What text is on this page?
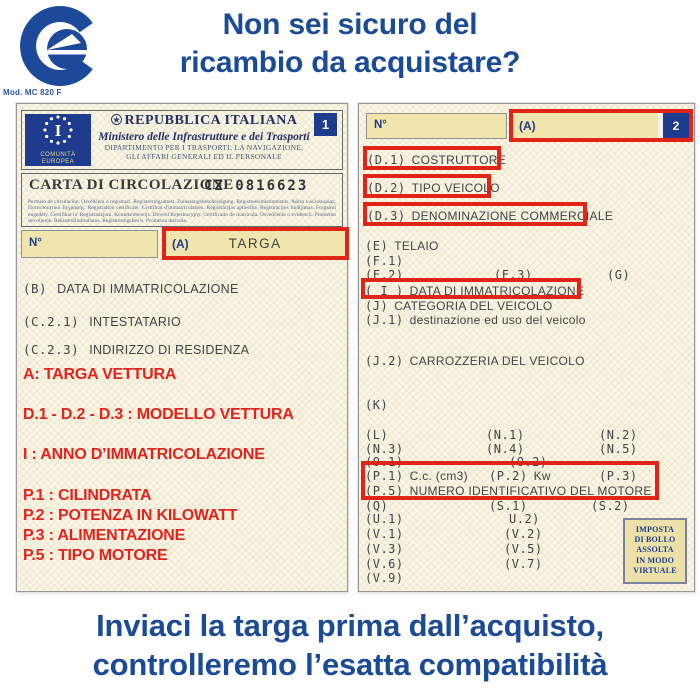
Non sei sicuro del
ricambio da acquistare?
Mod. MC 820 F
I
COMUNITÀ
EUROPEA
REPUBBLICA ITALIANA
Ministero delle Infrastrutture e dei Trasporti
DIPARTIMENTO PER I TRASPORTI, LA NAVIGAZIONE,
GLI AFFARI GENERALI ED IL PERSONALE
1
CARTA DI CIRCOLAZIONE
CZ 0816623
Permiso de circulación. Osvědčení o registraci. Registreringsattest. Zulassungsbescheinigung. Registreerimistunnistus. Άδεια κυκλοφορίας. Πιστοποιητικό Εγγραφής. Registration certificate. Certificat d'immatriculation. Registrācijas apliecība. Registracijos liudijimas. Forgalmi engedély. Ċertifikat ta' Reġistrazzjoni. Kentekenbewijs. Dowód Rejestracyjny. Certificado de matrícula. Osvedčenie o evidencii. Prometno dovoljenje. Rekisteröintitodistus. Registreringsbevis. Prometna dozvola.
N°	(A)	TARGA
(B) DATA DI IMMATRICOLAZIONE
(C.2.1) INTESTATARIO
(C.2.3) INDIRIZZO DI RESIDENZA
A: TARGA VETTURA
D.1 - D.2 - D.3 : MODELLO VETTURA
I : ANNO D’IMMATRICOLAZIONE
P.1 : CILINDRATA
P.2 : POTENZA IN KILOWATT
P.3 : ALIMENTAZIONE
P.5 : TIPO MOTORE
N°	(A)	2
(D.1) COSTRUTTORE
(D.2) TIPO VEICOLO
(D.3) DENOMINAZIONE COMMERCIALE
(E) TELAIO
(F.1)
(F.2)	(F.3)	(G)
( I ) DATA DI IMMATRICOLAZIONE
(J) CATEGORIA DEL VEICOLO
(J.1) destinazione ed uso del veicolo
(J.2) CARROZZERIA DEL VEICOLO
(K)
(L)	(N.1)	(N.2)
(N.3)	(N.4)	(N.5)
(O.1)	(O.2)
(P.1) C.c. (cm3) (P.2) Kw	(P.3)
(P.5) NUMERO IDENTIFICATIVO DEL MOTORE
(Q)	(S.1)	(S.2)
(U.1)	U.2)
(V.1)	(V.2)
(V.3)	(V.5)
(V.6)	(V.7)
(V.9)
IMPOSTA
DI BOLLO
ASSOLTA
IN MODO
VIRTUALE
Inviaci la targa prima dall’acquisto,
controlleremo l’esatta compatibilità
